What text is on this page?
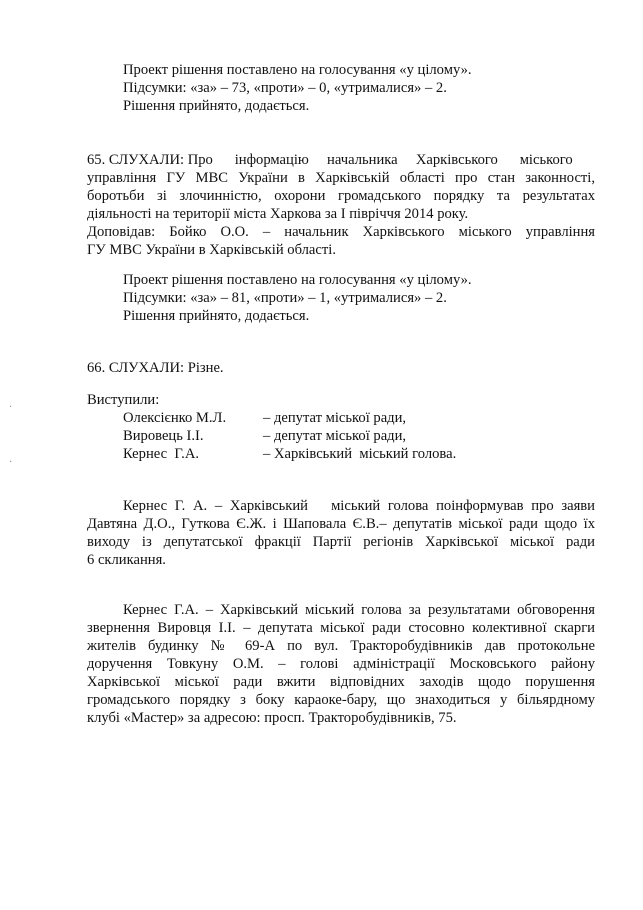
Проект рішення поставлено на голосування «у цілому».
Підсумки: «за» – 73, «проти» – 0, «утрималися» – 2.
Рішення прийнято, додається.
65. СЛУХАЛИ: Про      інформацію     начальника     Харківського      міського
управління ГУ МВС України в Харківській області про стан законності,
боротьби зі злочинністю, охорони громадського порядку та результатах
діяльності на території міста Харкова за І півріччя 2014 року.
Доповідав: Бойко О.О. – начальник Харківського міського управління
ГУ МВС України в Харківській області.
Проект рішення поставлено на голосування «у цілому».
Підсумки: «за» – 81, «проти» – 1, «утрималися» – 2.
Рішення прийнято, додається.
66. СЛУХАЛИ: Різне.
Виступили:
Олексієнко М.Л.	– депутат міської ради,
Вировець І.І.	– депутат міської ради,
Кернес  Г.А.	– Харківський  міський голова.
Кернес Г. А. – Харківський   міський голова поінформував про заяви
Давтяна Д.О., Гуткова Є.Ж. і Шаповала Є.В.– депутатів міської ради щодо їх
виходу із депутатської фракції Партії регіонів Харківської міської ради
6 скликання.
Кернес Г.А. – Харківський міський голова за результатами обговорення
звернення Вировця І.І. – депутата міської ради стосовно колективної скарги
жителів будинку № 69-А по вул. Тракторобудівників дав протокольне
доручення Товкуну О.М. – голові адміністрації Московського району
Харківської міської ради вжити відповідних заходів щодо порушення
громадського порядку з боку караоке-бару, що знаходиться у більярдному
клубі «Мастер» за адресою: просп. Тракторобудівників, 75.
·
·
